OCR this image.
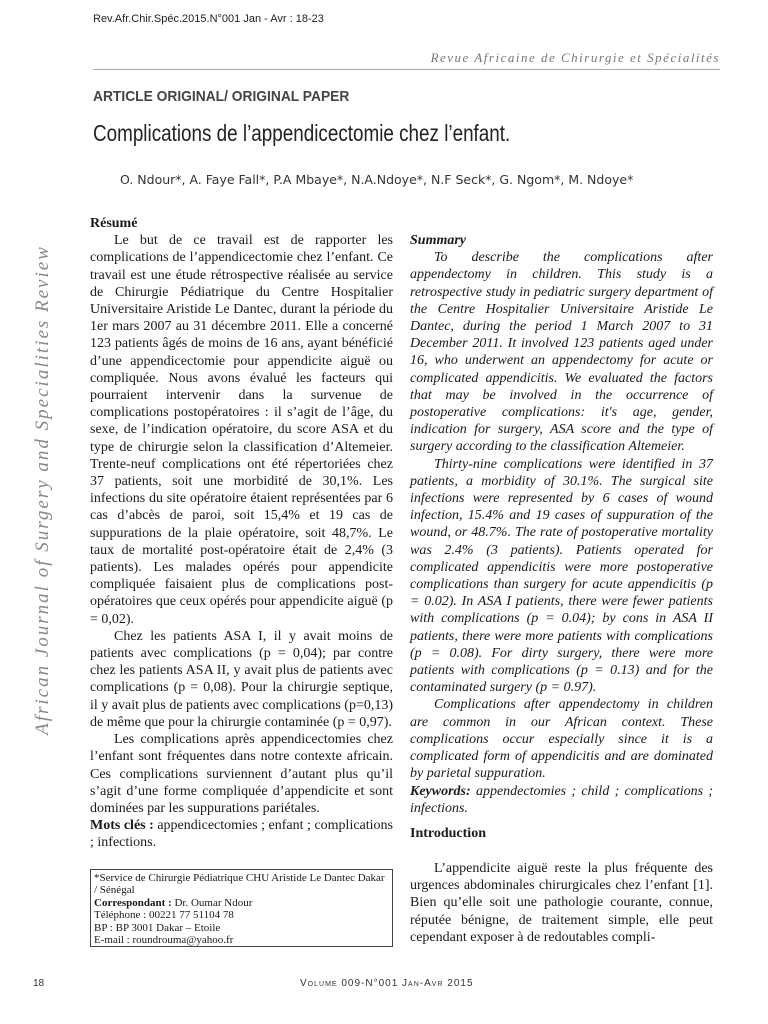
Rev.Afr.Chir.Spéc.2015.N°001 Jan - Avr : 18-23
Revue Africaine de Chirurgie et Spécialités
African Journal of Surgery and Specialities Review
ARTICLE ORIGINAL/ ORIGINAL PAPER
Complications de l’appendicectomie chez l’enfant.
O. Ndour*, A. Faye Fall*, P.A Mbaye*, N.A.Ndoye*, N.F Seck*, G. Ngom*, M. Ndoye*

Résumé

Le but de ce travail est de rapporter les complications de l’appendicectomie chez l’enfant. Ce travail est une étude rétrospective réalisée au service de Chirurgie Pédiatrique du Centre Hospitalier Universitaire Aristide Le Dantec, durant la période du 1er mars 2007 au 31 décembre 2011. Elle a concerné 123 patients âgés de moins de 16 ans, ayant bénéficié d’une appendicectomie pour appendicite aiguë ou compliquée. Nous avons évalué les facteurs qui pourraient intervenir dans la survenue de complications postopératoires : il s’agit de l’âge, du sexe, de l’indication opératoire, du score ASA et du type de chirurgie selon la classification d’Altemeier. Trente-neuf complications ont été répertoriées chez 37 patients, soit une morbidité de 30,1%. Les infections du site opératoire étaient représentées par 6 cas d’abcès de paroi, soit 15,4% et 19 cas de suppurations de la plaie opératoire, soit 48,7%. Le taux de mortalité post-opératoire était de 2,4% (3 patients). Les malades opérés pour appendicite compliquée faisaient plus de complications post-opératoires que ceux opérés pour appendicite aiguë (p = 0,02).

Chez les patients ASA I, il y avait moins de patients avec complications (p = 0,04); par contre chez les patients ASA II, y avait plus de patients avec complications (p = 0,08). Pour la chirurgie septique, il y avait plus de patients avec complications (p=0,13) de même que pour la chirurgie contaminée (p = 0,97).

Les complications après appendicectomies chez l’enfant sont fréquentes dans notre contexte africain. Ces complications surviennent d’autant plus qu’il s’agit d’une forme compliquée d’appendicite et sont dominées par les suppurations pariétales.

Mots clés : appendicectomies ; enfant ; complications ; infections.

*Service de Chirurgie Pédiatrique CHU Aristide Le Dantec Dakar / Sénégal

Correspondant : Dr. Oumar Ndour

Téléphone : 00221 77 51104 78

BP : BP 3001 Dakar – Etoile

E-mail : roundrouma@yahoo.fr

Summary

To describe the complications after appendectomy in children. This study is a retrospective study in pediatric surgery department of the Centre Hospitalier Universitaire Aristide Le Dantec, during the period 1 March 2007 to 31 December 2011. It involved 123 patients aged under 16, who underwent an appendectomy for acute or complicated appendicitis. We evaluated the factors that may be involved in the occurrence of postoperative complications: it's age, gender, indication for surgery, ASA score and the type of surgery according to the classification Altemeier.

Thirty-nine complications were identified in 37 patients, a morbidity of 30.1%. The surgical site infections were represented by 6 cases of wound infection, 15.4% and 19 cases of suppuration of the wound, or 48.7%. The rate of postoperative mortality was 2.4% (3 patients). Patients operated for complicated appendicitis were more postoperative complications than surgery for acute appendicitis (p = 0.02). In ASA I patients, there were fewer patients with complications (p = 0.04); by cons in ASA II patients, there were more patients with complications (p = 0.08). For dirty surgery, there were more patients with complications (p = 0.13) and for the contaminated surgery (p = 0.97).

Complications after appendectomy in children are common in our African context. These complications occur especially since it is a complicated form of appendicitis and are dominated by parietal suppuration.

Keywords: appendectomies ; child ; complications ; infections.

Introduction

L’appendicite aiguë reste la plus fréquente des urgences abdominales chirurgicales chez l’enfant [1]. Bien qu’elle soit une pathologie courante, connue, réputée bénigne, de traitement simple, elle peut cependant exposer à de redoutables compli-

18	Volume 009-N°001 Jan-Avr 2015
